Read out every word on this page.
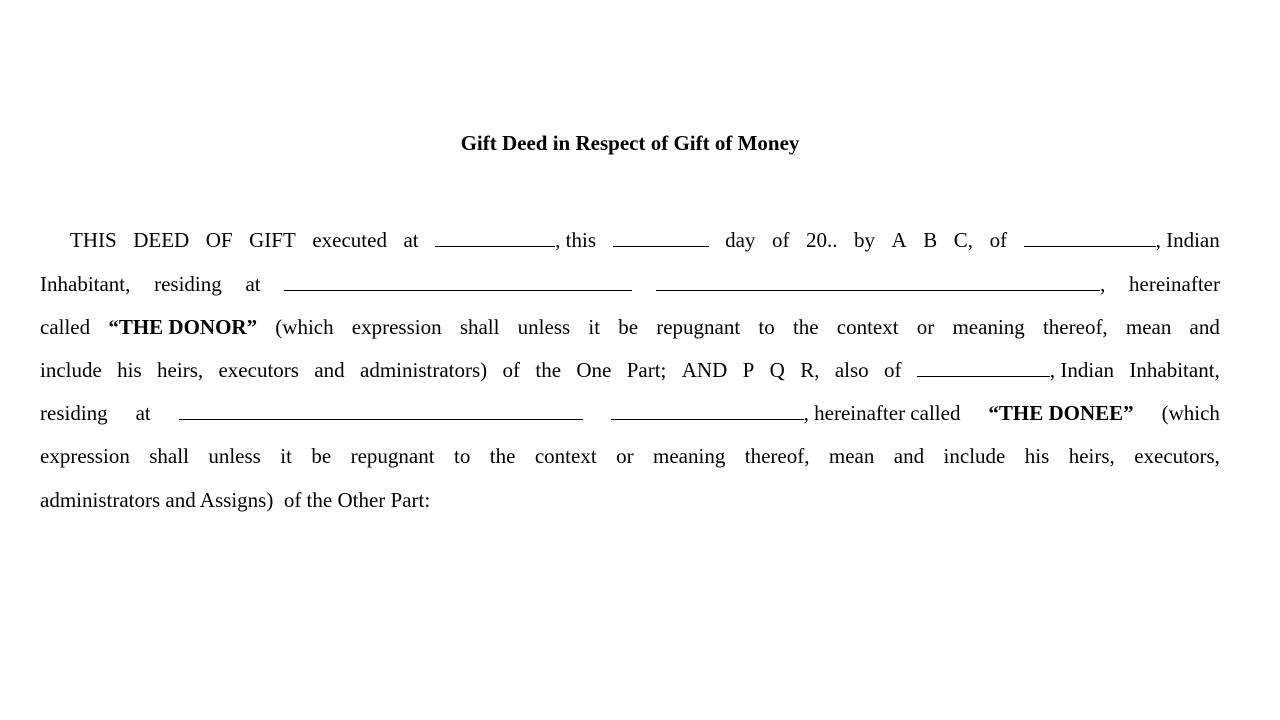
Gift Deed in Respect of Gift of Money
THIS DEED OF GIFT executed at	, this	day of 20.. by A B C, of	, Indian
Inhabitant, residing at	, hereinafter
called “THE DONOR” (which expression shall unless it be repugnant to the context or meaning thereof, mean and
include his heirs, executors and administrators) of the One Part; AND P Q R, also of	, Indian Inhabitant,
residing at	, hereinafter called “THE DONEE” (which
expression shall unless it be repugnant to the context or meaning thereof, mean and include his heirs, executors,
administrators and Assigns)  of the Other Part:
